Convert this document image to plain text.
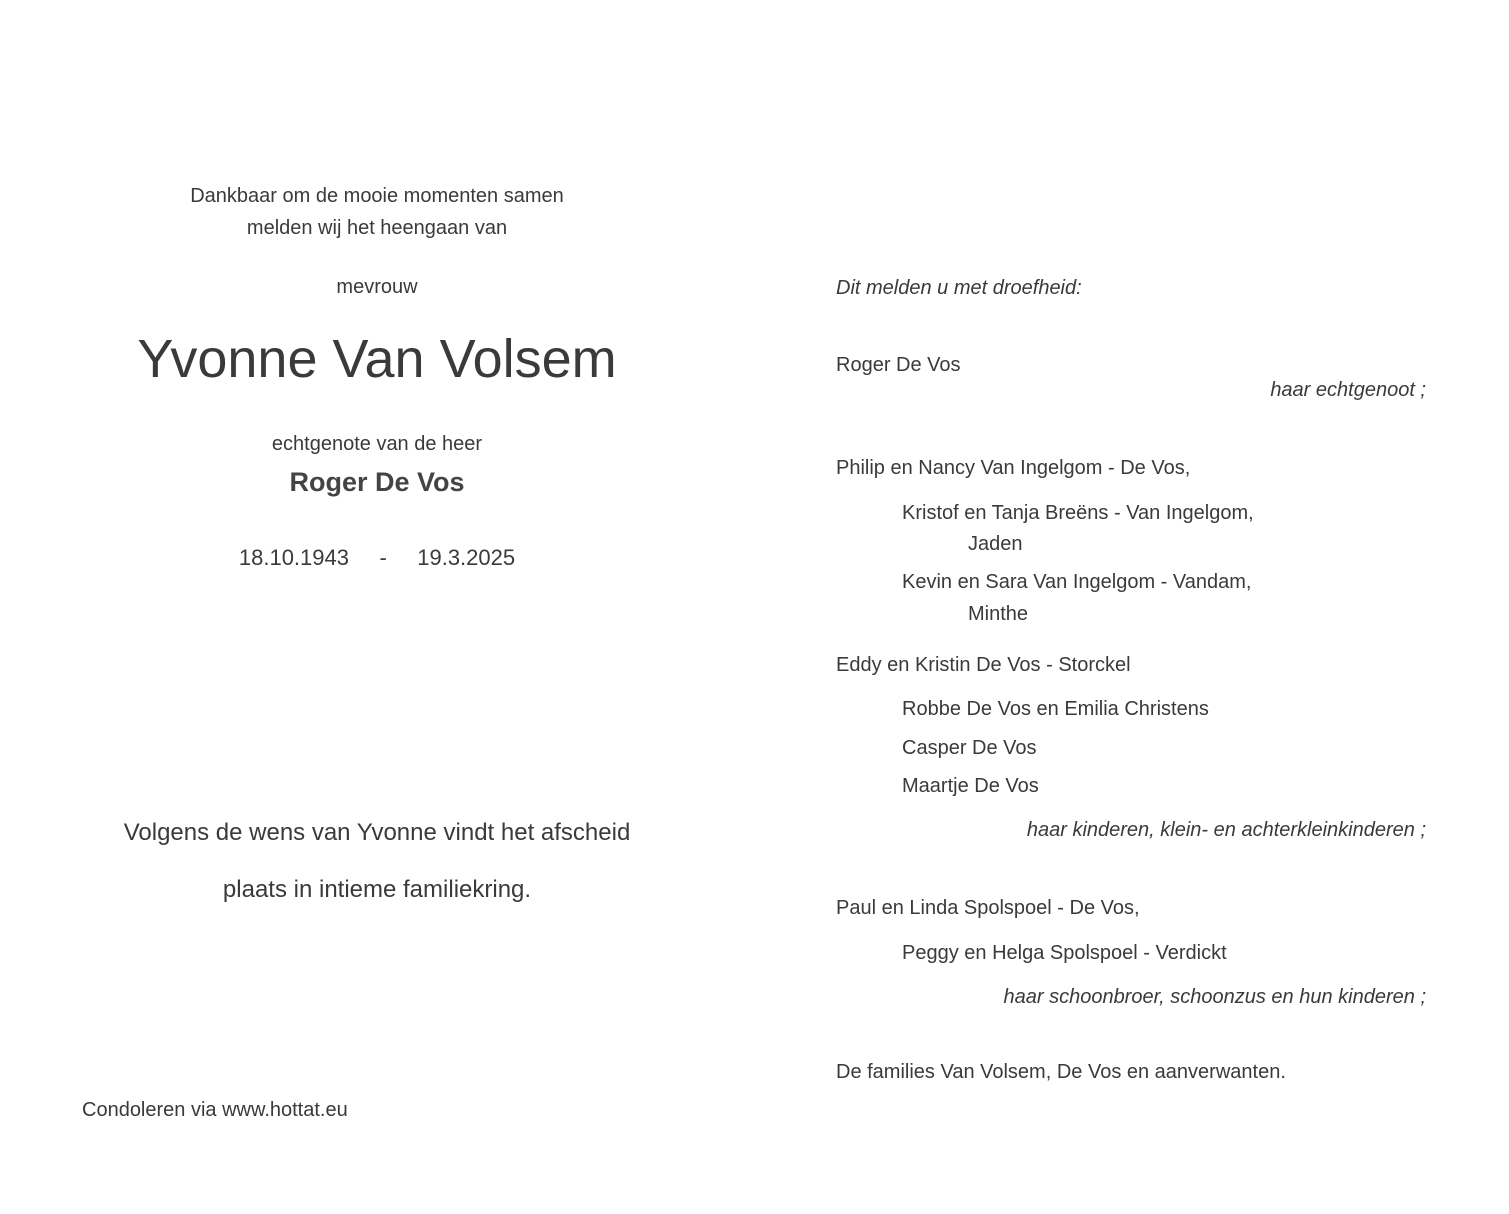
Dankbaar om de mooie momenten samen
melden wij het heengaan van
mevrouw
Yvonne Van Volsem
echtgenote van de heer
Roger De Vos
18.10.1943 - 19.3.2025
Volgens de wens van Yvonne vindt het afscheid
plaats in intieme familiekring.
Condoleren via www.hottat.eu
Dit melden u met droefheid:
Roger De Vos
haar echtgenoot ;
Philip en Nancy Van Ingelgom - De Vos,
Kristof en Tanja Breëns - Van Ingelgom,
Jaden
Kevin en Sara Van Ingelgom - Vandam,
Minthe
Eddy en Kristin De Vos - Storckel
Robbe De Vos en Emilia Christens
Casper De Vos
Maartje De Vos
haar kinderen, klein- en achterkleinkinderen ;
Paul en Linda Spolspoel - De Vos,
Peggy en Helga Spolspoel - Verdickt
haar schoonbroer, schoonzus en hun kinderen ;
De families Van Volsem, De Vos en aanverwanten.
